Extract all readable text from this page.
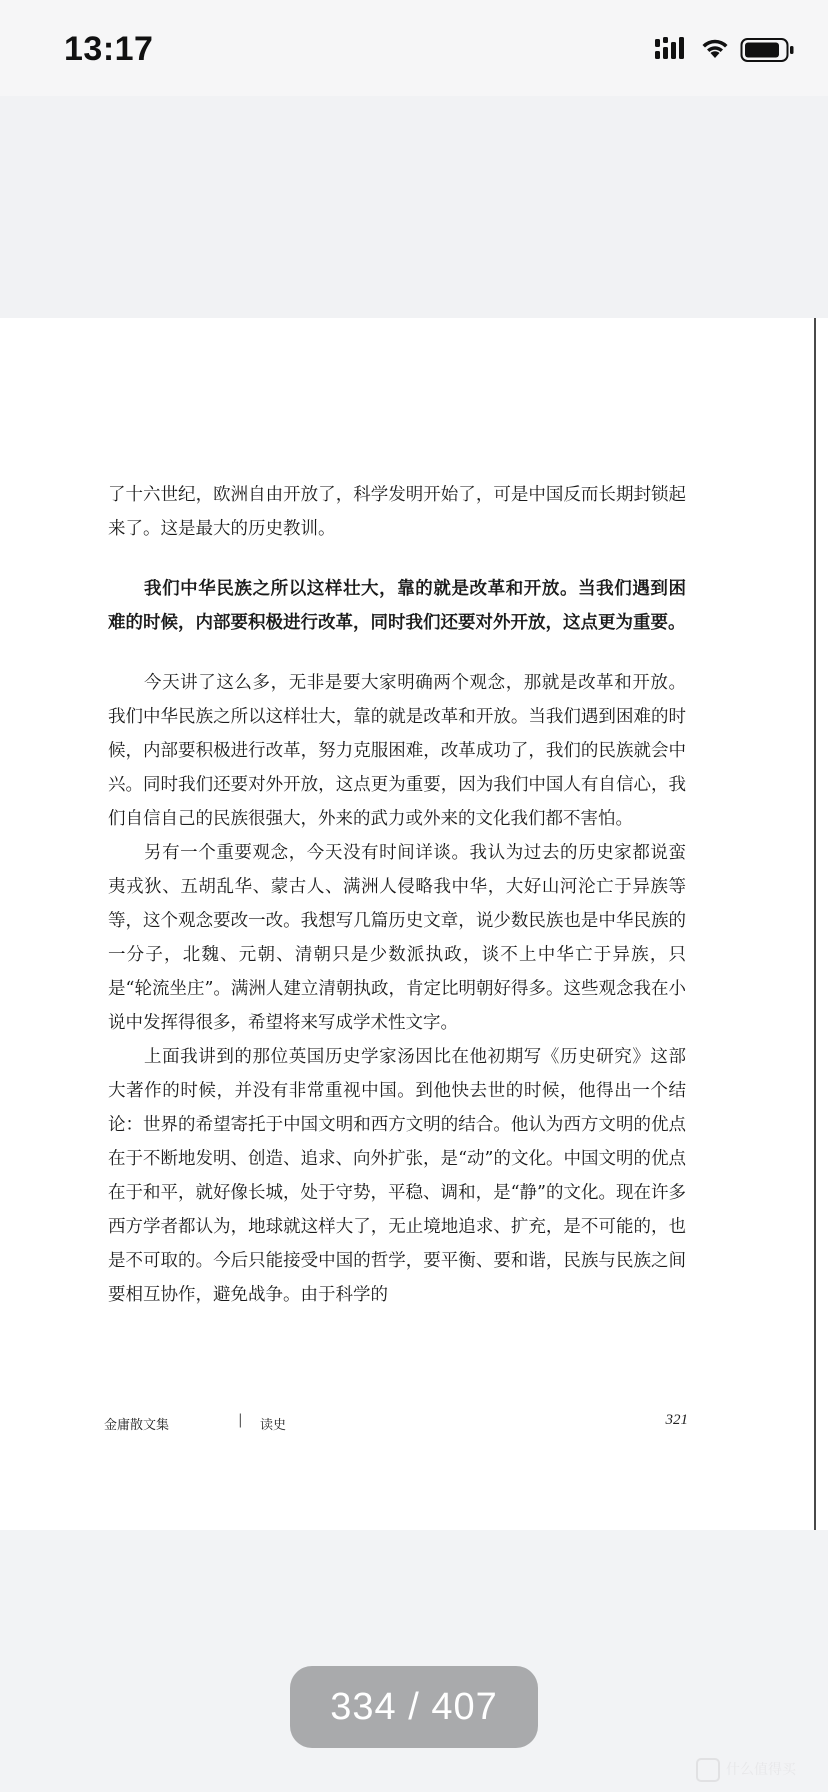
13:17

了十六世纪，欧洲自由开放了，科学发明开始了，可是中国反而长期封锁起来了。这是最大的历史教训。

我们中华民族之所以这样壮大，靠的就是改革和开放。当我们遇到困难的时候，内部要积极进行改革，同时我们还要对外开放，这点更为重要。

今天讲了这么多，无非是要大家明确两个观念，那就是改革和开放。我们中华民族之所以这样壮大，靠的就是改革和开放。当我们遇到困难的时候，内部要积极进行改革，努力克服困难，改革成功了，我们的民族就会中兴。同时我们还要对外开放，这点更为重要，因为我们中国人有自信心，我们自信自己的民族很强大，外来的武力或外来的文化我们都不害怕。

另有一个重要观念，今天没有时间详谈。我认为过去的历史家都说蛮夷戎狄、五胡乱华、蒙古人、满洲人侵略我中华，大好山河沦亡于异族等等，这个观念要改一改。我想写几篇历史文章，说少数民族也是中华民族的一分子，北魏、元朝、清朝只是少数派执政，谈不上中华亡于异族，只是“轮流坐庄”。满洲人建立清朝执政，肯定比明朝好得多。这些观念我在小说中发挥得很多，希望将来写成学术性文字。

上面我讲到的那位英国历史学家汤因比在他初期写《历史研究》这部大著作的时候，并没有非常重视中国。到他快去世的时候，他得出一个结论：世界的希望寄托于中国文明和西方文明的结合。他认为西方文明的优点在于不断地发明、创造、追求、向外扩张，是“动”的文化。中国文明的优点在于和平，就好像长城，处于守势，平稳、调和，是“静”的文化。现在许多西方学者都认为，地球就这样大了，无止境地追求、扩充，是不可能的，也是不可取的。今后只能接受中国的哲学，要平衡、要和谐，民族与民族之间要相互协作，避免战争。由于科学的

金庸散文集	| 读史	321
334 / 407
什么值得买
